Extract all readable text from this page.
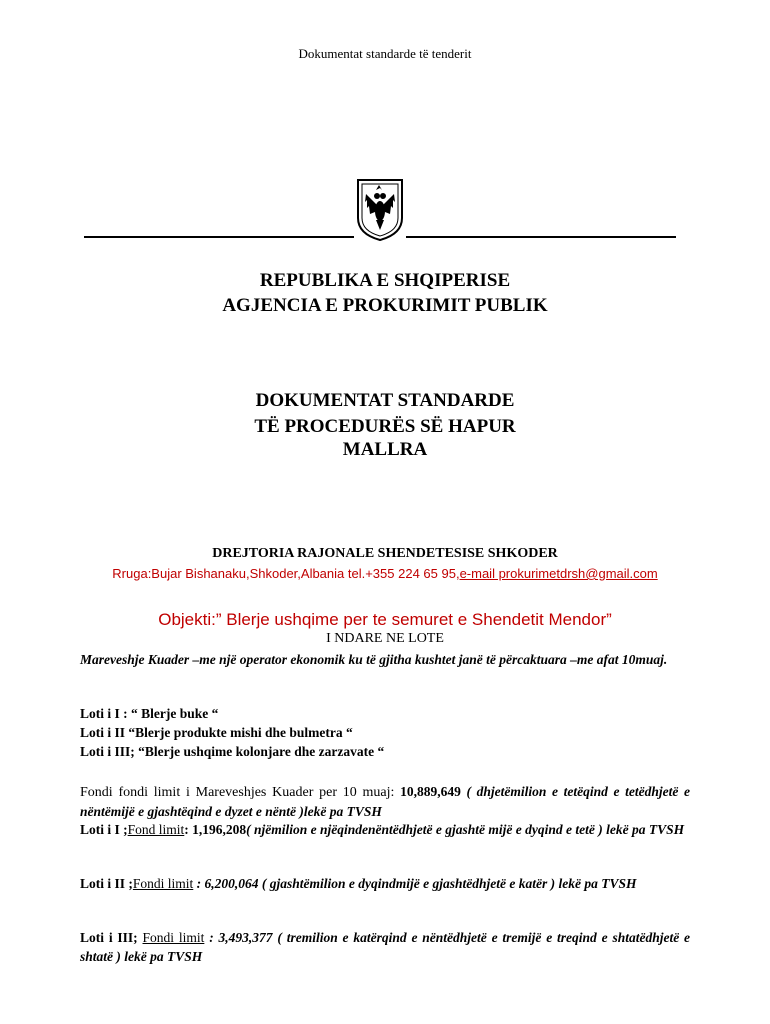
Dokumentat standarde të tenderit
REPUBLIKA E SHQIPERISE
AGJENCIA E PROKURIMIT PUBLIK
DOKUMENTAT STANDARDE
TË PROCEDURËS SË HAPUR
MALLRA
DREJTORIA RAJONALE SHENDETESISE SHKODER
Rruga:Bujar Bishanaku,Shkoder,Albania tel.+355 224 65 95,e-mail prokurimetdrsh@gmail.com
Objekti:” Blerje ushqime per te semuret e Shendetit Mendor”
I NDARE NE LOTE
Mareveshje Kuader –me një operator ekonomik ku të gjitha kushtet janë të përcaktuara –me afat 10muaj.
Loti i I : “ Blerje buke “
Loti i II “Blerje produkte mishi dhe bulmetra “
Loti i III; “Blerje ushqime kolonjare dhe zarzavate “
Fondi fondi limit i Mareveshjes Kuader per 10 muaj: 10,889,649 ( dhjetëmilion e tetëqind e tetëdhjetë e nëntëmijë e gjashtëqind e dyzet e nëntë )lekë pa TVSH
Loti i I ;Fond limit: 1,196,208( njëmilion e njëqindenëntëdhjetë e gjashtë mijë e dyqind e tetë ) lekë pa TVSH
Loti i II ;Fondi limit : 6,200,064 ( gjashtëmilion e dyqindmijë e gjashtëdhjetë e katër ) lekë pa TVSH
Loti i III; Fondi limit : 3,493,377 ( tremilion e katërqind e nëntëdhjetë e tremijë e treqind e shtatëdhjetë e shtatë ) lekë pa TVSH
